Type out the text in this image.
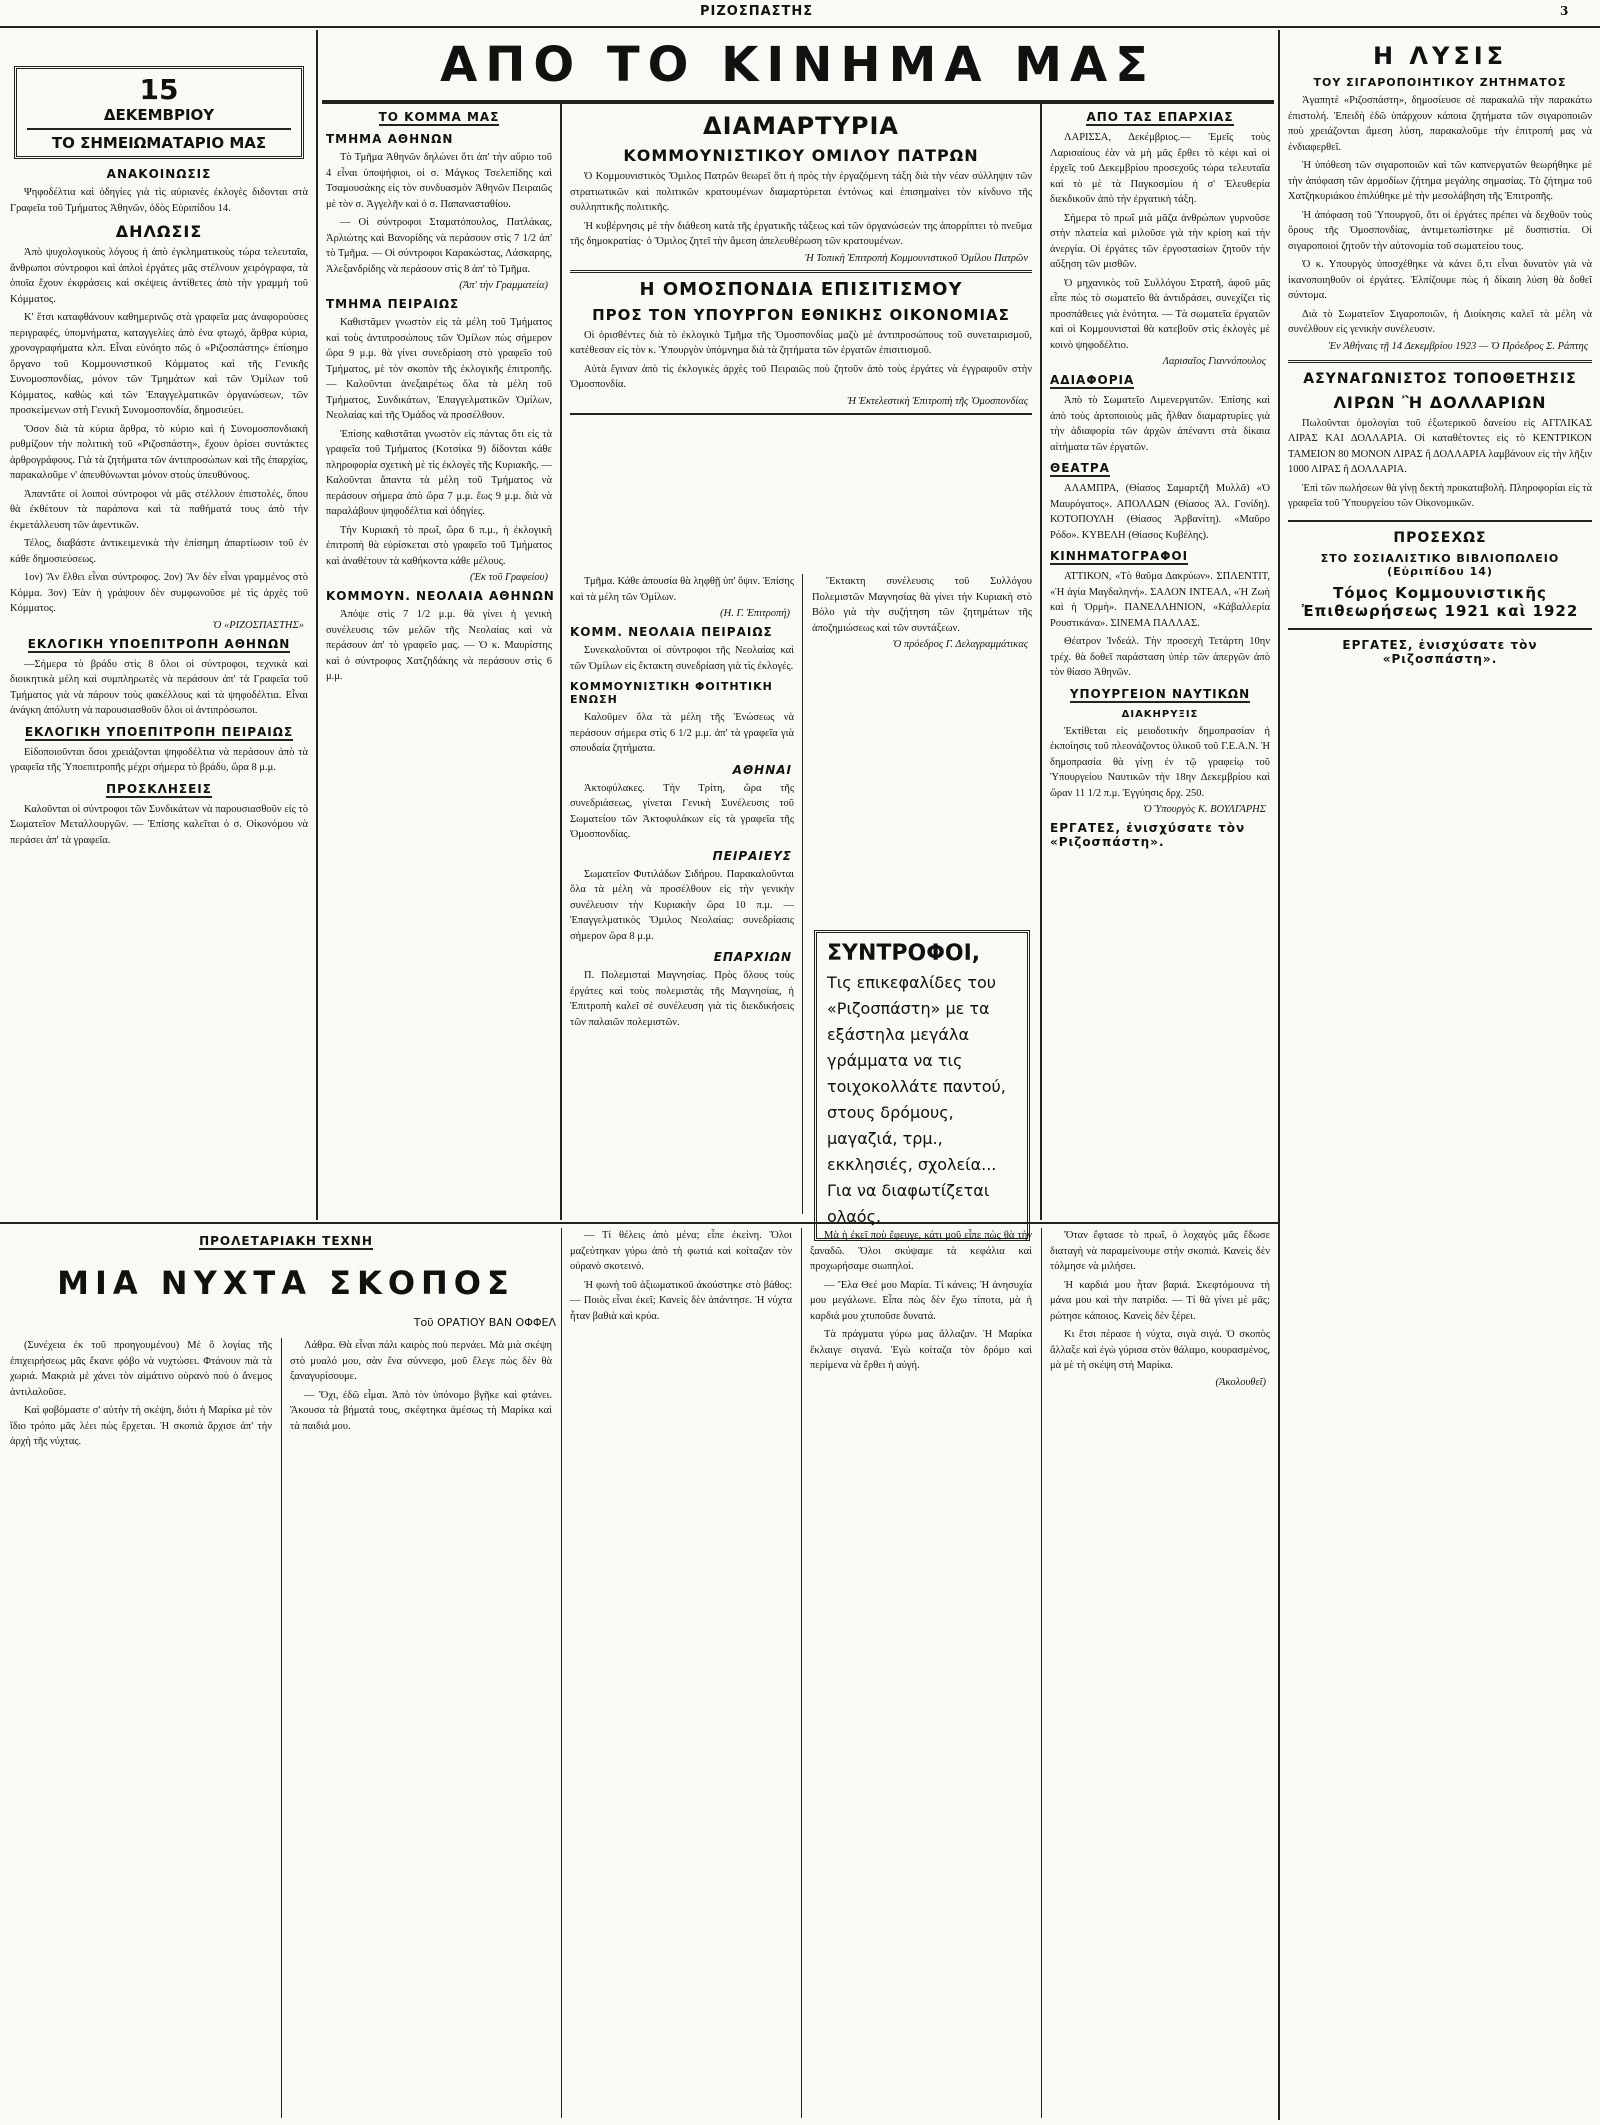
ΡΙΖΟΣΠΑΣΤΗΣ	3
ΑΠΟ ΤΟ ΚΙΝΗΜΑ ΜΑΣ
15
ΔΕΚΕΜΒΡΙΟΥ
ΤΟ ΣΗΜΕΙΩΜΑΤΑΡΙΟ ΜΑΣ
ΑΝΑΚΟΙΝΩΣΙΣ

Ψηφοδέλτια καὶ ὁδηγίες γιὰ τὶς αὐριανὲς ἐκλογὲς διδονται στὰ Γραφεῖα τοῦ Τμήματος Ἀθηνῶν, ὁδὸς Εὐριπίδου 14.

ΔΗΛΩΣΙΣ

Ἀπὸ ψυχολογικοὺς λόγους ἡ ἀπὸ ἐγκληματικοὺς τώρα τελευταῖα, ἄνθρωποι σύντροφοι καὶ ἀπλοὶ ἐργάτες μᾶς στέλνουν χειρόγραφα, τὰ ὁποῖα ἔχουν ἐκφράσεις καὶ σκέψεις ἀντίθετες ἀπὸ τὴν γραμμὴ τοῦ Κόμματος.

Κ' ἔτσι καταφθάνουν καθημερινῶς στὰ γραφεῖα μας ἀναφοροὺσες περιγραφές, ὑπομνήματα, καταγγελίες ἀπὸ ἐνα φτωχό, ἄρθρα κύρια, χρονογραφήματα κλπ. Εἶναι εὐνόητο πῶς ὁ «Ριζοσπάστης» ἐπίσημο ὄργανο τοῦ Κομμουνιστικοῦ Κόμματος καὶ τῆς Γενικῆς Συνομοσπονδίας, μόνον τῶν Τμημάτων καὶ τῶν Ὁμίλων τοῦ Κόμματος, καθὼς καὶ τῶν Ἐπαγγελματικῶν ὀργανώσεων, τῶν προσκείμενων στὴ Γενικὴ Συνομοσπονδία, δημοσιεύει.

Ὅσον διὰ τὰ κύρια ἄρθρα, τὸ κύριο καὶ ἡ Συνομοσπονδιακὴ ρυθμίζουν τὴν πολιτικὴ τοῦ «Ριζοσπάστη», ἔχουν ὁρίσει συντάκτες ἀρθρογράφους. Γιὰ τὰ ζητήματα τῶν ἀντιπροσώπων καὶ τῆς ἐπαρχίας, παρακαλοῦμε ν' ἀπευθύνωνται μόνον στοὺς ὑπευθύνους.

Ἀπαντᾶτε οἱ λοιποὶ σύντροφοι νὰ μᾶς στέλλουν ἐπιστολές, ὅπου θὰ ἐκθέτουν τὰ παράπονα καὶ τὰ παθήματά τους ἀπὸ τὴν ἐκμετάλλευση τῶν ἀφεντικῶν.

Τέλος, διαβάστε ἀντικειμενικὰ τὴν ἐπίσημη ἀπαρτίωσιν τοῦ ἐν κάθε δημοσιεύσεως.

1ον) Ἂν ἔλθει εἶναι σύντροφος. 2ον) Ἂν δὲν εἶναι γραμμένος στὸ Κόμμα. 3ον) Ἐὰν ἡ γράψουν δὲν συμφωνοῦσε μὲ τὶς ἀρχὲς τοῦ Κόμματος.

Ὁ «ΡΙΖΟΣΠΑΣΤΗΣ»
ΕΚΛΟΓΙΚΗ ΥΠΟΕΠΙΤΡΟΠΗ ΑΘΗΝΩΝ

—Σήμερα τὸ βράδυ στὶς 8 ὅλοι οἱ σύντροφοι, τεχνικὰ καὶ διοικητικὰ μέλη καὶ συμπληρωτὲς νὰ περάσουν ἀπ' τὰ Γραφεῖα τοῦ Τμήματος γιὰ νὰ πάρουν τοὺς φακέλλους καὶ τὰ ψηφοδέλτια. Εἶναι ἀνάγκη ἀπόλυτη νὰ παρουσιασθοῦν ὅλοι οἱ ἀντιπρόσωποι.

ΕΚΛΟΓΙΚΗ ΥΠΟΕΠΙΤΡΟΠΗ ΠΕΙΡΑΙΩΣ

Εἰδοποιοῦνται ὅσοι χρειάζονται ψηφοδέλτια νὰ περάσουν ἀπὸ τὰ γραφεῖα τῆς Ὑποεπιτροπῆς μέχρι σήμερα τὸ βράδυ, ὥρα 8 μ.μ.

ΠΡΟΣΚΛΗΣΕΙΣ

Καλοῦνται οἱ σύντροφοι τῶν Συνδικάτων νὰ παρουσιασθοῦν εἰς τὸ Σωματεῖον Μεταλλουργῶν. — Ἐπίσης καλεῖται ὁ σ. Οἰκονόμου νὰ περάσει ἀπ' τὰ γραφεῖα.

ΤΟ ΚΟΜΜΑ ΜΑΣ
ΤΜΗΜΑ ΑΘΗΝΩΝ

Τὸ Τμῆμα Ἀθηνῶν δηλώνει ὅτι ἀπ' τὴν αὔριο τοῦ 4 εἶναι ὑποψήφιοι, οἱ σ. Μάγκος Τσελεπίδης καὶ Τσαμουσάκης εἰς τὸν συνδυασμὸν Ἀθηνῶν Πειραιῶς μὲ τὸν σ. Ἀγγελῆν καὶ ὁ σ. Παπανασταθίου.

— Οἱ σύντροφοι Σταματόπουλος, Πατλάκας, Ἀρλιώτης καὶ Βανορίδης νὰ περάσουν στὶς 7 1/2 ἀπ' τὸ Τμῆμα. — Οἱ σύντροφοι Καρακώστας, Λάσκαρης, Ἀλεξανδρίδης νὰ περάσουν στὶς 8 ἀπ' τὸ Τμῆμα.

(Ἀπ' τὴν Γραμματεία)
ΤΜΗΜΑ ΠΕΙΡΑΙΩΣ

Καθιστᾶμεν γνωστὸν εἰς τὰ μέλη τοῦ Τμήματος καὶ τοὺς ἀντιπροσώπους τῶν Ὁμίλων πὼς σήμερον ὥρα 9 μ.μ. θὰ γίνει συνεδρίαση στὸ γραφεῖο τοῦ Τμήματος, μὲ τὸν σκοπὸν τῆς ἐκλογικῆς ἐπιτροπῆς. — Καλοῦνται ἀνεξαιρέτως ὅλα τὰ μέλη τοῦ Τμήματος, Συνδικάτων, Ἐπαγγελματικῶν Ὁμίλων, Νεολαίας καὶ τῆς Ὁμάδος νὰ προσέλθουν.

Ἐπίσης καθιστᾶται γνωστὸν εἰς πάντας ὅτι εἰς τὰ γραφεῖα τοῦ Τμήματος (Κοτσίκα 9) δίδονται κάθε πληροφορία σχετικὴ μὲ τὶς ἐκλογὲς τῆς Κυριακῆς. — Καλοῦνται ἅπαντα τὰ μέλη τοῦ Τμήματος νὰ περάσουν σήμερα ἀπὸ ὥρα 7 μ.μ. ἕως 9 μ.μ. διὰ νὰ παραλάβουν ψηφοδέλτια καὶ ὁδηγίες.

Τὴν Κυριακὴ τὸ πρωΐ, ὥρα 6 π.μ., ἡ ἐκλογικὴ ἐπιτροπὴ θὰ εὑρίσκεται στὸ γραφεῖο τοῦ Τμήματος καὶ ἀναθέτουν τὰ καθήκοντα κάθε μέλους.

(Ἐκ τοῦ Γραφείου)
ΚΟΜΜΟΥΝ. ΝΕΟΛΑΙΑ ΑΘΗΝΩΝ

Ἀπόψε στὶς 7 1/2 μ.μ. θὰ γίνει ἡ γενικὴ συνέλευσις τῶν μελῶν τῆς Νεολαίας καὶ νὰ περάσουν ἀπ' τὸ γραφεῖο μας. — Ὁ κ. Μαυρίστης καὶ ὁ σύντροφος Χατζηδάκης νὰ περάσουν στὶς 6 μ.μ.

ΔΙΑΜΑΡΤΥΡΙΑ
ΚΟΜΜΟΥΝΙΣΤΙΚΟΥ ΟΜΙΛΟΥ ΠΑΤΡΩΝ

Ὁ Κομμουνιστικὸς Ὅμιλος Πατρῶν θεωρεῖ ὅτι ἡ πρὸς τὴν ἐργαζόμενη τάξη διὰ τὴν νέαν σύλληψιν τῶν στρατιωτικῶν καὶ πολιτικῶν κρατουμένων διαμαρτύρεται ἐντόνως καὶ ἐπισημαίνει τὸν κίνδυνο τῆς συλληπτικῆς πολιτικῆς.

Ἡ κυβέρνησις μὲ τὴν διάθεση κατὰ τῆς ἐργατικῆς τάξεως καὶ τῶν ὀργανώσεών της ἀπορρίπτει τὸ πνεῦμα τῆς δημοκρατίας· ὁ Ὅμιλος ζητεῖ τὴν ἄμεση ἀπελευθέρωση τῶν κρατουμένων.

Ἡ Τοπικὴ Ἐπιτροπὴ Κομμουνιστικοῦ Ὁμίλου Πατρῶν
Η ΟΜΟΣΠΟΝΔΙΑ ΕΠΙΣΙΤΙΣΜΟΥ
ΠΡΟΣ ΤΟΝ ΥΠΟΥΡΓΟΝ ΕΘΝΙΚΗΣ ΟΙΚΟΝΟΜΙΑΣ

Οἱ ὁρισθέντες διὰ τὸ ἐκλογικὸ Τμῆμα τῆς Ὁμοσπονδίας μαζὺ μὲ ἀντιπροσώπους τοῦ συνεταιρισμοῦ, κατέθεσαν εἰς τὸν κ. Ὑπουργὸν ὑπόμνημα διὰ τὰ ζητήματα τῶν ἐργατῶν ἐπισιτισμοῦ.

Αὐτὰ ἔγιναν ἀπὸ τὶς ἐκλογικὲς ἀρχὲς τοῦ Πειραιῶς ποὺ ζητοῦν ἀπὸ τοὺς ἐργάτες νὰ ἐγγραφοῦν στὴν Ὁμοσπονδία.

Ἡ Ἐκτελεστικὴ Ἐπιτροπὴ τῆς Ὁμοσπονδίας

Τμῆμα. Κάθε ἀπουσία θὰ ληφθῇ ὑπ' ὄψιν. Ἐπίσης καὶ τὰ μέλη τῶν Ὁμίλων.

(Η. Γ. Ἐπιτροπή)
ΚΟΜΜ. ΝΕΟΛΑΙΑ ΠΕΙΡΑΙΩΣ

Συνεκαλοῦνται οἱ σύντροφοι τῆς Νεολαίας καὶ τῶν Ὁμίλων εἰς ἔκτακτη συνεδρίαση γιὰ τὶς ἐκλογές.

ΚΟΜΜΟΥΝΙΣΤΙΚΗ ΦΟΙΤΗΤΙΚΗ ΕΝΩΣΗ

Καλοῦμεν ὅλα τὰ μέλη τῆς Ἑνώσεως νὰ περάσουν σήμερα στὶς 6 1/2 μ.μ. ἀπ' τὰ γραφεῖα γιὰ σπουδαία ζητήματα.

ΑΘΗΝΑΙ

Ἀκτοφύλακες. Τὴν Τρίτη, ὥρα τῆς συνεδριάσεως, γίνεται Γενικὴ Συνέλευσις τοῦ Σωματείου τῶν Ἀκτοφυλάκων εἰς τὰ γραφεῖα τῆς Ὁμοσπονδίας.

ΠΕΙΡΑΙΕΥΣ

Σωματεῖον Φυτιλάδων Σιδήρου. Παρακαλοῦνται ὅλα τὰ μέλη νὰ προσέλθουν εἰς τὴν γενικὴν συνέλευσιν τὴν Κυριακὴν ὥρα 10 π.μ. — Ἐπαγγελματικὸς Ὅμιλος Νεολαίας: συνεδρίασις σήμερον ὥρα 8 μ.μ.

ΕΠΑΡΧΙΩΝ

Π. Πολεμισταὶ Μαγνησίας. Πρὸς ὅλους τοὺς ἐργάτες καὶ τοὺς πολεμιστὰς τῆς Μαγνησίας, ἡ Ἐπιτροπὴ καλεῖ σὲ συνέλευση γιὰ τὶς διεκδικήσεις τῶν παλαιῶν πολεμιστῶν.

Ἔκτακτη συνέλευσις τοῦ Συλλόγου Πολεμιστῶν Μαγνησίας θὰ γίνει τὴν Κυριακὴ στὸ Βόλο γιὰ τὴν συζήτηση τῶν ζητημάτων τῆς ἀποζημιώσεως καὶ τῶν συντάξεων.

Ὁ πρόεδρος Γ. Δελαγραμμάτικας
ΣΥΝΤΡΟΦΟΙ,
Τις επικεφαλίδες του «Ριζοσπάστη» με τα εξάστηλα μεγάλα γράμματα να τις τοιχοκολλάτε παντού, στους δρόμους, μαγαζιά, τρμ., εκκλησιές, σχολεία... Για να διαφωτίζεται ολαός.
ΑΠΟ ΤΑΣ ΕΠΑΡΧΙΑΣ

ΛΑΡΙΣΣΑ, Δεκέμβριος.— Ἐμεῖς τοὺς Λαρισαίους ἐὰν νὰ μὴ μᾶς ἔρθει τὸ κέφι καὶ οἱ ἐρχεῖς τοῦ Δεκεμβρίου προσεχοῦς τώρα τελευταῖα καὶ τὸ μὲ τὰ Παγκοσμίου ἡ σ' Ἐλευθερία διεκδικοῦν ἀπὸ τὴν ἐργατικὴ τάξη.

Σήμερα τὸ πρωΐ μιὰ μᾶζα ἀνθρώπων γυρνοῦσε στὴν πλατεία καὶ μιλοῦσε γιὰ τὴν κρίση καὶ τὴν ἀνεργία. Οἱ ἐργάτες τῶν ἐργοστασίων ζητοῦν τὴν αὔξηση τῶν μισθῶν.

Ὁ μηχανικὸς τοῦ Συλλόγου Στρατῆ, ἀφοῦ μᾶς εἶπε πὼς τὸ σωματεῖο θὰ ἀντιδράσει, συνεχίζει τὶς προσπάθειες γιὰ ἑνότητα. — Τὰ σωματεῖα ἐργατῶν καὶ οἱ Κομμουνισταὶ θὰ κατεβοῦν στὶς ἐκλογὲς μὲ κοινὸ ψηφοδέλτιο.

Λαρισαῖος Γιαννόπουλος
ΑΔΙΑΦΟΡΙΑ

Ἀπὸ τὸ Σωματεῖο Λιμενεργατῶν. Ἐπίσης καὶ ἀπὸ τοὺς ἀρτοποιοὺς μᾶς ἦλθαν διαμαρτυρίες γιὰ τὴν ἀδιαφορία τῶν ἀρχῶν ἀπέναντι στὰ δίκαια αἰτήματα τῶν ἐργατῶν.

ΘΕΑΤΡΑ

ΑΛΑΜΠΡΑ, (Θίασος Σαμαρτζῆ Μυλλᾶ) «Ὁ Μαυρόγατος». ΑΠΟΛΛΩΝ (Θίασος Ἀλ. Γονίδη). ΚΟΤΟΠΟΥΛΗ (Θίασος Ἀρβανίτη). «Μαῦρο Ρόδο». ΚΥΒΕΛΗ (Θίασος Κυβέλης).

ΚΙΝΗΜΑΤΟΓΡΑΦΟΙ

ΑΤΤΙΚΟΝ, «Τὸ θαῦμα Δακρύων». ΣΠΛΕΝΤΙΤ, «Ἡ ἁγία Μαγδαληνή». ΣΑΛΟΝ ΙΝΤΕΑΛ, «Ἡ Ζωὴ καὶ ἡ Ὁρμὴ». ΠΑΝΕΛΛΗΝΙΟΝ, «Κάβαλλερία Ρουστικάνα». ΣΙΝΕΜΑ ΠΑΛΛΑΣ.

Θέατρον Ἰνδεάλ. Τὴν προσεχὴ Τετάρτη 10ην τρέχ. θὰ δοθεῖ παράσταση ὑπὲρ τῶν ἀπεργῶν ἀπὸ τὸν θίασο Ἀθηνῶν.

ΥΠΟΥΡΓΕΙΟΝ ΝΑΥΤΙΚΩΝ
ΔΙΑΚΗΡΥΞΙΣ

Ἐκτίθεται εἰς μειοδοτικὴν δημοπρασίαν ἡ ἐκποίησις τοῦ πλεονάζοντος ὑλικοῦ τοῦ Γ.Ε.Α.Ν. Ἡ δημοπρασία θὰ γίνῃ ἐν τῷ γραφείῳ τοῦ Ὑπουργείου Ναυτικῶν τὴν 18ην Δεκεμβρίου καὶ ὥραν 11 1/2 π.μ. Ἐγγύησις δρχ. 250.

Ὁ Ὑπουργὸς Κ. ΒΟΥΛΓΑΡΗΣ
ΕΡΓΑΤΕΣ, ἐνισχύσατε τὸν «Ριζοσπάστη».
Η ΛΥΣΙΣ
ΤΟΥ ΣΙΓΑΡΟΠΟΙΗΤΙΚΟΥ ΖΗΤΗΜΑΤΟΣ

Ἀγαπητὲ «Ριζοσπάστη», δημοσίευσε σὲ παρακαλῶ τὴν παρακάτω ἐπιστολή. Ἐπειδὴ ἐδῶ ὑπάρχουν κάποια ζητήματα τῶν σιγαροποιῶν ποὺ χρειάζονται ἄμεση λύση, παρακαλοῦμε τὴν ἐπιτροπή μας νὰ ἐνδιαφερθεῖ.

Ἡ ὑπόθεση τῶν σιγαροποιῶν καὶ τῶν καπνεργατῶν θεωρήθηκε μὲ τὴν ἀπόφαση τῶν ἀρμοδίων ζήτημα μεγάλης σημασίας. Τὸ ζήτημα τοῦ Χατζηκυριάκου ἐπιλύθηκε μὲ τὴν μεσολάβηση τῆς Ἐπιτροπῆς.

Ἡ ἀπόφαση τοῦ Ὑπουργοῦ, ὅτι οἱ ἐργάτες πρέπει νὰ δεχθοῦν τοὺς ὅρους τῆς Ὁμοσπονδίας, ἀντιμετωπίστηκε μὲ δυσπιστία. Οἱ σιγαροποιοὶ ζητοῦν τὴν αὐτονομία τοῦ σωματείου τους.

Ὁ κ. Υπουργὸς ὑποσχέθηκε νὰ κάνει ὅ,τι εἶναι δυνατὸν γιὰ νὰ ἱκανοποιηθοῦν οἱ ἐργάτες. Ἐλπίζουμε πὼς ἡ δίκαιη λύση θὰ δοθεῖ σύντομα.

Διὰ τὸ Σωματεῖον Σιγαροποιῶν, ἡ Διοίκησις καλεῖ τὰ μέλη νὰ συνέλθουν εἰς γενικὴν συνέλευσιν.

Ἐν Ἀθήναις τῇ 14 Δεκεμβρίου 1923 — Ὁ Πρόεδρος Σ. Ράπτης
ΑΣΥΝΑΓΩΝΙΣΤΟΣ ΤΟΠΟΘΕΤΗΣΙΣ
ΛΙΡΩΝ Ἢ ΔΟΛΛΑΡΙΩΝ

Πωλοῦνται ὁμολογίαι τοῦ ἐξωτερικοῦ δανείου εἰς ΑΓΓΛΙΚΑΣ ΛΙΡΑΣ ΚΑΙ ΔΟΛΛΑΡΙΑ. Οἱ καταθέτοντες εἰς τὸ ΚΕΝΤΡΙΚΟΝ ΤΑΜΕΙΟΝ 80 ΜΟΝΟΝ ΛΙΡΑΣ ἢ ΔΟΛΛΑΡΙΑ λαμβάνουν εἰς τὴν λῆξιν 1000 ΛΙΡΑΣ ἢ ΔΟΛΛΑΡΙΑ.

Ἐπὶ τῶν πωλήσεων θὰ γίνῃ δεκτὴ προκαταβολὴ. Πληροφορίαι εἰς τὰ γραφεῖα τοῦ Ὑπουργείου τῶν Οἰκονομικῶν.

ΠΡΟΣΕΧΩΣ
ΣΤΟ ΣΟΣΙΑΛΙΣΤΙΚΟ ΒΙΒΛΙΟΠΩΛΕΙΟ (Εὐριπίδου 14)
Τόμος Κομμουνιστικῆς Ἐπιθεωρήσεως 1921 καὶ 1922
ΕΡΓΑΤΕΣ, ἐνισχύσατε τὸν «Ριζοσπάστη».
ΠΡΟΛΕΤΑΡΙΑΚΗ ΤΕΧΝΗ
ΜΙΑ ΝΥΧΤΑ ΣΚΟΠΟΣ
Τοῦ ΟΡΑΤΙΟΥ ΒΑΝ ΟΦΦΕΛ

(Συνέχεια ἐκ τοῦ προηγουμένου) Μὲ ὅ λογίας τῆς ἐπιχειρήσεως μᾶς ἔκανε φόβο νὰ νυχτώσει. Φτάνουν πιὰ τὰ χωριά. Μακριὰ μὲ χάνει τὸν αἰμάτινο οὐρανὸ ποὺ ὁ ἄνεμος ἀντιλαλοῦσε.

Καὶ φοβόμαστε σ' αὐτὴν τὴ σκέψη, διότι ἡ Μαρίκα μὲ τὸν ἴδιο τρόπο μᾶς λέει πὼς ἔρχεται. Ἡ σκοπιὰ ἄρχισε ἀπ' τὴν ἀρχὴ τῆς νύχτας.

Λάθρα. Θὰ εἶναι πάλι καιρὸς ποὺ περνάει. Μὰ μιὰ σκέψη στὸ μυαλό μου, σὰν ἕνα σύννεφο, μοῦ ἔλεγε πὼς δὲν θὰ ξαναγυρίσουμε.

— Ὄχι, ἐδῶ εἶμαι. Ἀπὸ τὸν ὑπόνομο βγῆκε καὶ φτάνει. Ἄκουσα τὰ βήματά τους, σκέφτηκα ἀμέσως τὴ Μαρίκα καὶ τὰ παιδιά μου.

— Τί θέλεις ἀπὸ μένα; εἶπε ἐκείνη. Ὅλοι μαζεύτηκαν γύρω ἀπὸ τὴ φωτιά καὶ κοίταζαν τὸν οὐρανὸ σκοτεινό.

Ἡ φωνὴ τοῦ ἀξιωματικοῦ ἀκούστηκε στὸ βάθος: — Ποιὸς εἶναι ἐκεῖ; Κανεὶς δὲν ἀπάντησε. Ἡ νύχτα ἦταν βαθιὰ καὶ κρύα.

Μὰ ἡ ἐκεῖ ποὺ ἔφευγε, κάτι μοῦ εἶπε πὼς θὰ τὴν ξαναδῶ. Ὅλοι σκύψαμε τὰ κεφάλια καὶ προχωρήσαμε σιωπηλοί.

— Ἔλα Θεέ μου Μαρία. Τί κάνεις; Ἡ ἀνησυχία μου μεγάλωνε. Εἶπα πὼς δὲν ἔχω τίποτα, μὰ ἡ καρδιά μου χτυποῦσε δυνατά.

Τὰ πράγματα γύρω μας ἄλλαζαν. Ἡ Μαρίκα ἔκλαιγε σιγανά. Ἐγὼ κοίταζα τὸν δρόμο καὶ περίμενα νὰ ἔρθει ἡ αὐγή.

Ὅταν ἔφτασε τὸ πρωΐ, ὁ λοχαγὸς μᾶς ἔδωσε διαταγὴ νὰ παραμείνουμε στὴν σκοπιά. Κανεὶς δὲν τόλμησε νὰ μιλήσει.

Ἡ καρδιά μου ἦταν βαριά. Σκεφτόμουνα τὴ μάνα μου καὶ τὴν πατρίδα. — Τί θὰ γίνει μὲ μᾶς; ρώτησε κάποιος. Κανεὶς δὲν ξέρει.

Κι ἔτσι πέρασε ἡ νύχτα, σιγὰ σιγά. Ὁ σκοπὸς ἄλλαξε καὶ ἐγὼ γύρισα στὸν θάλαμο, κουρασμένος, μὰ μὲ τὴ σκέψη στὴ Μαρίκα.

(Ἀκολουθεῖ)
